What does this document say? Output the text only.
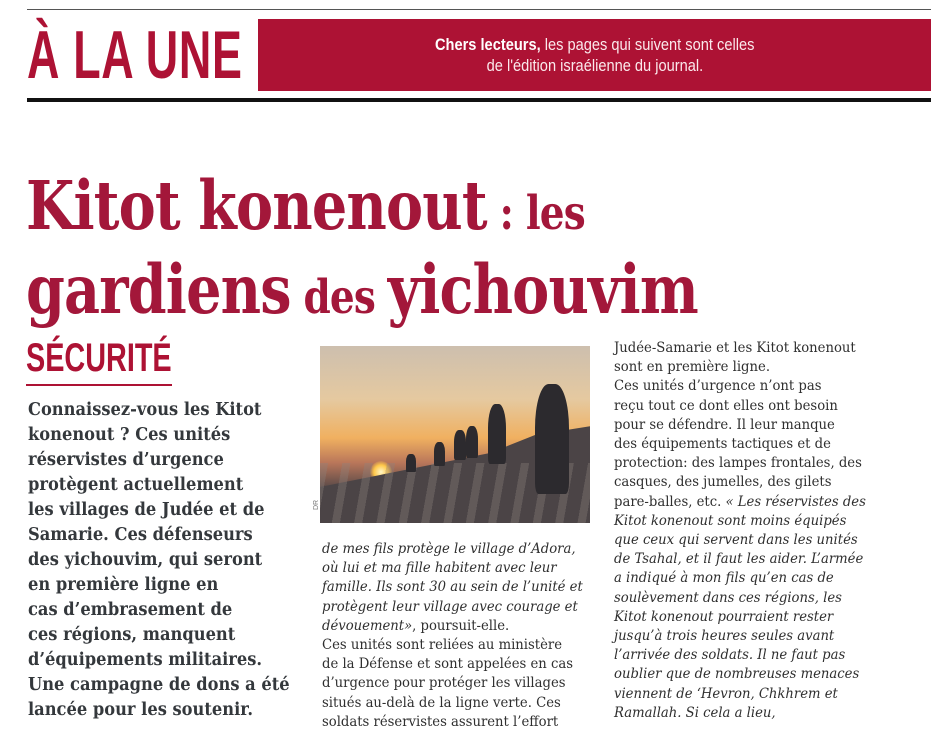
À LA UNE	Chers lecteurs, les pages qui suivent sont celles
de l'édition israélienne du journal.
Kitot konenout : les
gardiens des yichouvim
SÉCURITÉ
Connaissez-vous les Kitot
konenout ? Ces unités
réservistes d’urgence
protègent actuellement
les villages de Judée et de
Samarie. Ces défenseurs
des yichouvim, qui seront
en première ligne en
cas d’embrasement de
ces régions, manquent
d’équipements militaires.
Une campagne de dons a été
lancée pour les soutenir.
DR
de mes fils protège le village d’Adora,
où lui et ma fille habitent avec leur
famille. Ils sont 30 au sein de l’unité et
protègent leur village avec courage et
dévouement», poursuit-elle.
Ces unités sont reliées au ministère
de la Défense et sont appelées en cas
d’urgence pour protéger les villages
situés au-delà de la ligne verte. Ces
soldats réservistes assurent l’effort
Judée-Samarie et les Kitot konenout
sont en première ligne.
Ces unités d’urgence n’ont pas
reçu tout ce dont elles ont besoin
pour se défendre. Il leur manque
des équipements tactiques et de
protection: des lampes frontales, des
casques, des jumelles, des gilets
pare-balles, etc. « Les réservistes des
Kitot konenout sont moins équipés
que ceux qui servent dans les unités
de Tsahal, et il faut les aider. L’armée
a indiqué à mon fils qu’en cas de
soulèvement dans ces régions, les
Kitot konenout pourraient rester
jusqu’à trois heures seules avant
l’arrivée des soldats. Il ne faut pas
oublier que de nombreuses menaces
viennent de ‘Hevron, Chkhrem et
Ramallah. Si cela a lieu,
